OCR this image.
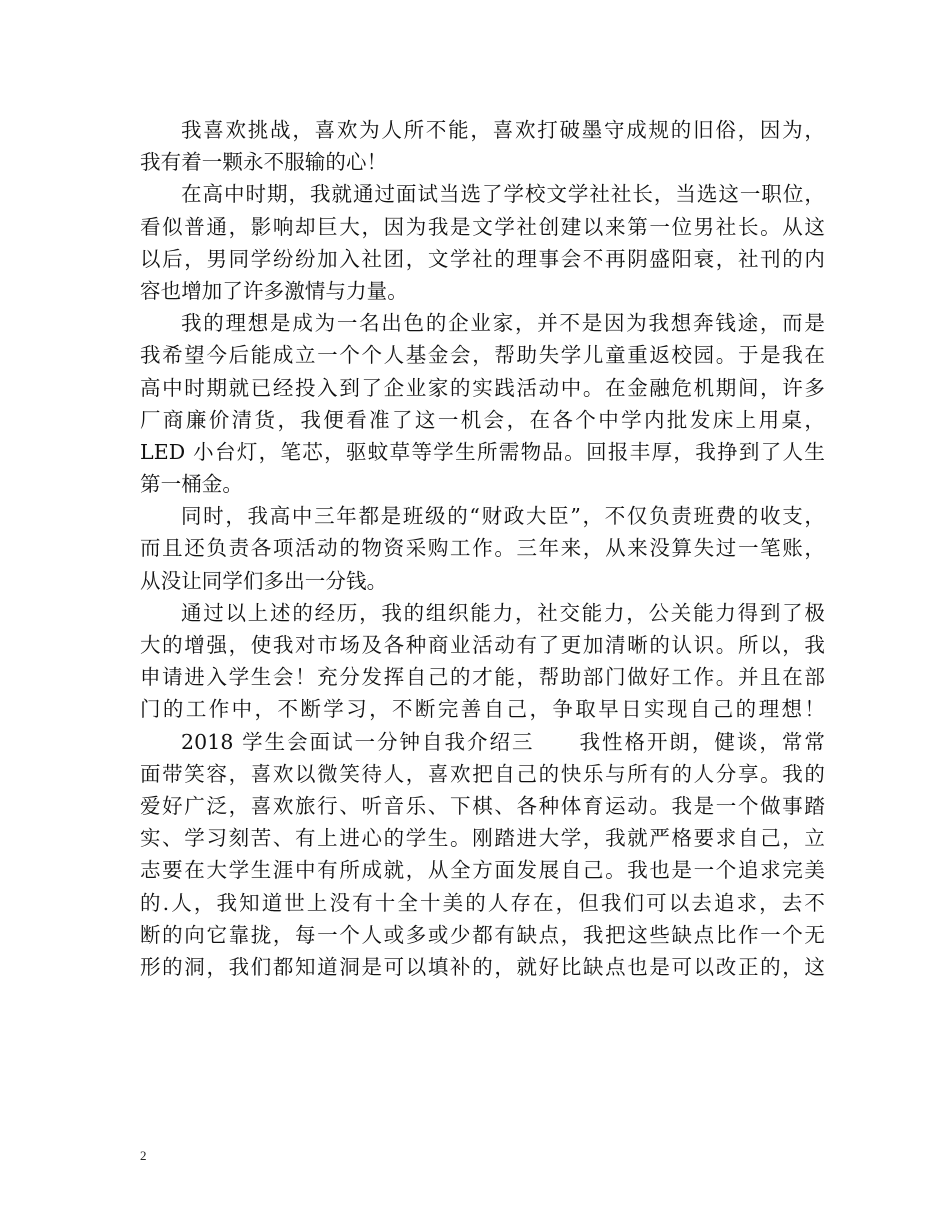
我喜欢挑战，喜欢为人所不能，喜欢打破墨守成规的旧俗，因为，
我有着一颗永不服输的心！
在高中时期，我就通过面试当选了学校文学社社长，当选这一职位，
看似普通，影响却巨大，因为我是文学社创建以来第一位男社长。从这
以后，男同学纷纷加入社团，文学社的理事会不再阴盛阳衰，社刊的内
容也增加了许多激情与力量。
我的理想是成为一名出色的企业家，并不是因为我想奔钱途，而是
我希望今后能成立一个个人基金会，帮助失学儿童重返校园。于是我在
高中时期就已经投入到了企业家的实践活动中。在金融危机期间，许多
厂商廉价清货，我便看准了这一机会，在各个中学内批发床上用桌，
LED 小台灯，笔芯，驱蚊草等学生所需物品。回报丰厚，我挣到了人生
第一桶金。
同时，我高中三年都是班级的“财政大臣”，不仅负责班费的收支，
而且还负责各项活动的物资采购工作。三年来，从来没算失过一笔账，
从没让同学们多出一分钱。
通过以上述的经历，我的组织能力，社交能力，公关能力得到了极
大的增强，使我对市场及各种商业活动有了更加清晰的认识。所以，我
申请进入学生会！充分发挥自己的才能，帮助部门做好工作。并且在部
门的工作中，不断学习，不断完善自己，争取早日实现自己的理想！
2018 学生会面试一分钟自我介绍三　　我性格开朗，健谈，常常
面带笑容，喜欢以微笑待人，喜欢把自己的快乐与所有的人分享。我的
爱好广泛，喜欢旅行、听音乐、下棋、各种体育运动。我是一个做事踏
实、学习刻苦、有上进心的学生。刚踏进大学，我就严格要求自己，立
志要在大学生涯中有所成就，从全方面发展自己。我也是一个追求完美
的.人，我知道世上没有十全十美的人存在，但我们可以去追求，去不
断的向它靠拢，每一个人或多或少都有缺点，我把这些缺点比作一个无
形的洞，我们都知道洞是可以填补的，就好比缺点也是可以改正的，这
2
